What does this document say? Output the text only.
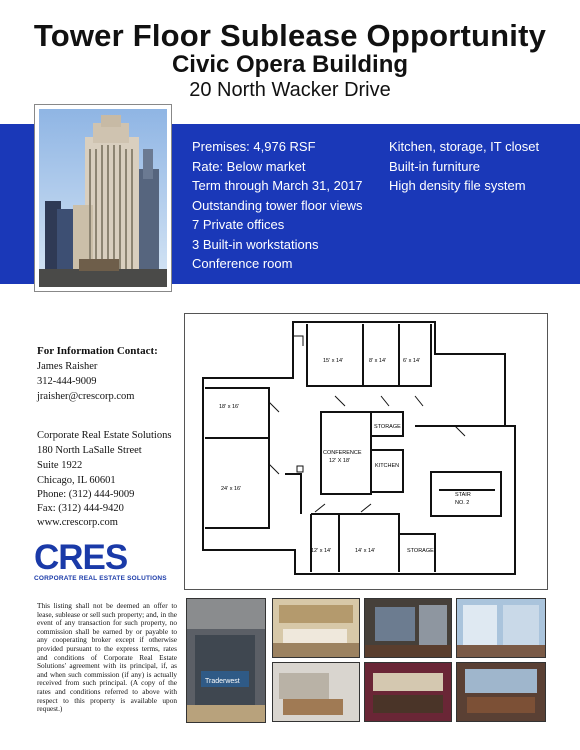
Tower Floor Sublease Opportunity
Civic Opera Building
20 North Wacker Drive
Premises: 4,976 RSF
Rate: Below market
Term through March 31, 2017
Outstanding tower floor views
7 Private offices
3 Built-in workstations
Conference room
Kitchen, storage, IT closet
Built-in furniture
High density file system
For Information Contact:
James Raisher
312-444-9009
jraisher@crescorp.com
Corporate Real Estate Solutions
180 North LaSalle Street
Suite 1922
Chicago, IL 60601
Phone: (312) 444-9009
Fax: (312) 444-9420
www.crescorp.com
CRES
CORPORATE REAL ESTATE SOLUTIONS
This listing shall not be deemed an offer to lease, sublease or sell such property; and, in the event of any transaction for such property, no commission shall be earned by or payable to any cooperating broker except if otherwise provided pursuant to the express terms, rates and conditions of Corporate Real Estate Solutions' agreement with its principal, if, as and when such commission (if any) is actually received from such principal. (A copy of the rates and conditions referred to above with respect to this property is available upon request.)
15' x 14'	8' x 14'	6' x 14'
18' x 16'
24' x 16'
STORAGE
CONFERENCE
12' X 18'
KITCHEN
STAIR
NO. 2
12' x 14'	14' x 14'	STORAGE
Traderwest
